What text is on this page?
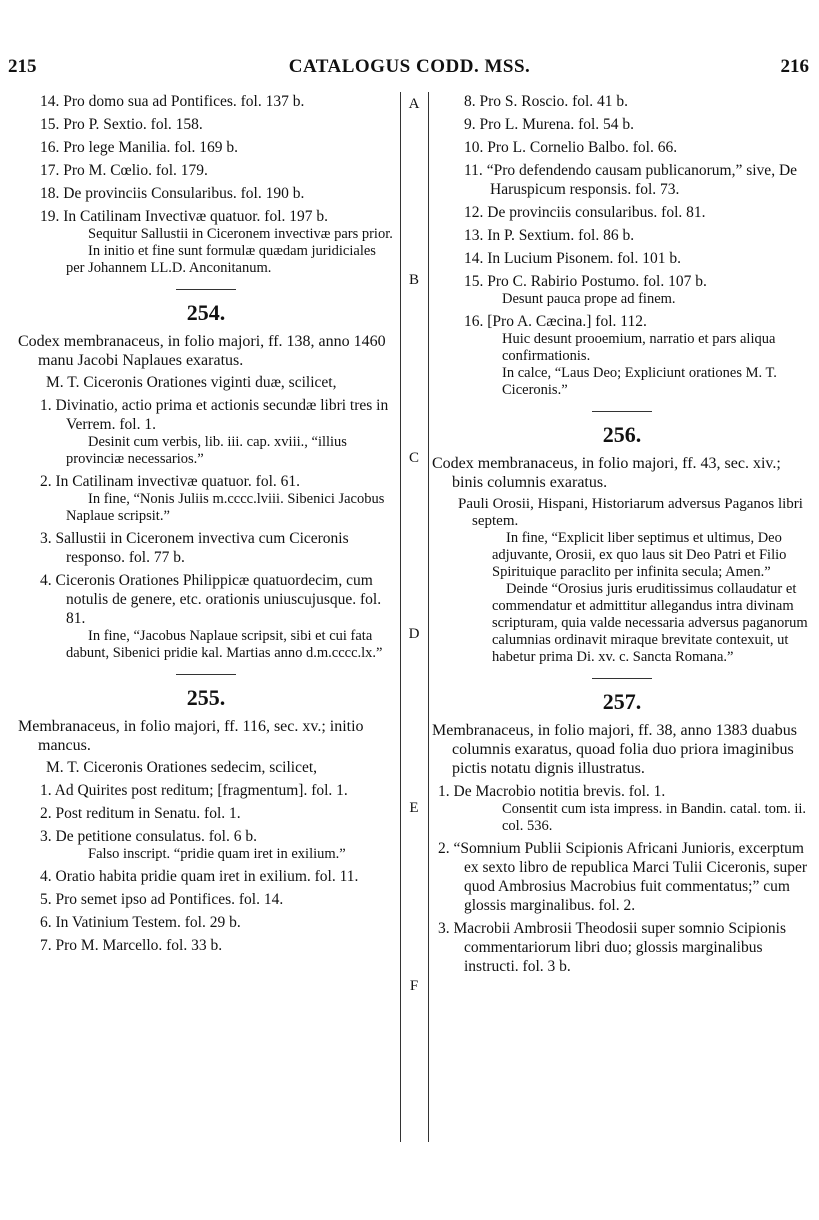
215	CATALOGUS CODD. MSS.	216
A
B
C
D
E
F
14. Pro domo sua ad Pontifices. fol. 137 b.
15. Pro P. Sextio. fol. 158.
16. Pro lege Manilia. fol. 169 b.
17. Pro M. Cœlio. fol. 179.
18. De provinciis Consularibus. fol. 190 b.
19. In Catilinam Invectivæ quatuor. fol. 197 b.

Sequitur Sallustii in Ciceronem invectivæ pars prior.

In initio et fine sunt formulæ quædam juridiciales per Johannem LL.D. Anconitanum.

254.

Codex membranaceus, in folio majori, ff. 138, anno 1460 manu Jacobi Naplaues exaratus.

M. T. Ciceronis Orationes viginti duæ, scilicet,

1. Divinatio, actio prima et actionis secundæ libri tres in Verrem. fol. 1.

Desinit cum verbis, lib. iii. cap. xviii., “illius provinciæ necessarios.”

2. In Catilinam invectivæ quatuor. fol. 61.

In fine, “Nonis Juliis m.cccc.lviii. Sibenici Jacobus Naplaue scripsit.”

3. Sallustii in Ciceronem invectiva cum Ciceronis responso. fol. 77 b.
4. Ciceronis Orationes Philippicæ quatuordecim, cum notulis de genere, etc. orationis uniuscujusque. fol. 81.

In fine, “Jacobus Naplaue scripsit, sibi et cui fata dabunt, Sibenici pridie kal. Martias anno d.m.cccc.lx.”

255.

Membranaceus, in folio majori, ff. 116, sec. xv.; initio mancus.

M. T. Ciceronis Orationes sedecim, scilicet,

1. Ad Quirites post reditum; [fragmentum]. fol. 1.
2. Post reditum in Senatu. fol. 1.
3. De petitione consulatus. fol. 6 b.

Falso inscript. “pridie quam iret in exilium.”

4. Oratio habita pridie quam iret in exilium. fol. 11.
5. Pro semet ipso ad Pontifices. fol. 14.
6. In Vatinium Testem. fol. 29 b.
7. Pro M. Marcello. fol. 33 b.
8. Pro S. Roscio. fol. 41 b.
9. Pro L. Murena. fol. 54 b.
10. Pro L. Cornelio Balbo. fol. 66.
11. “Pro defendendo causam publicanorum,” sive, De Haruspicum responsis. fol. 73.
12. De provinciis consularibus. fol. 81.
13. In P. Sextium. fol. 86 b.
14. In Lucium Pisonem. fol. 101 b.
15. Pro C. Rabirio Postumo. fol. 107 b.

Desunt pauca prope ad finem.

16. [Pro A. Cæcina.] fol. 112.

Huic desunt prooemium, narratio et pars aliqua confirmationis.

In calce, “Laus Deo; Expliciunt orationes M. T. Ciceronis.”

256.

Codex membranaceus, in folio majori, ff. 43, sec. xiv.; binis columnis exaratus.

Pauli Orosii, Hispani, Historiarum adversus Paganos libri septem.

In fine, “Explicit liber septimus et ultimus, Deo adjuvante, Orosii, ex quo laus sit Deo Patri et Filio Spirituique paraclito per infinita secula; Amen.”

Deinde “Orosius juris eruditissimus collaudatur et commendatur et admittitur allegandus intra divinam scripturam, quia valde necessaria adversus paganorum calumnias ordinavit miraque brevitate contexuit, ut habetur prima Di. xv. c. Sancta Romana.”

257.

Membranaceus, in folio majori, ff. 38, anno 1383 duabus columnis exaratus, quoad folia duo priora imaginibus pictis notatu dignis illustratus.

1. De Macrobio notitia brevis. fol. 1.

Consentit cum ista impress. in Bandin. catal. tom. ii. col. 536.

2. “Somnium Publii Scipionis Africani Junioris, excerptum ex sexto libro de republica Marci Tulii Ciceronis, super quod Ambrosius Macrobius fuit commentatus;” cum glossis marginalibus. fol. 2.
3. Macrobii Ambrosii Theodosii super somnio Scipionis commentariorum libri duo; glossis marginalibus instructi. fol. 3 b.
